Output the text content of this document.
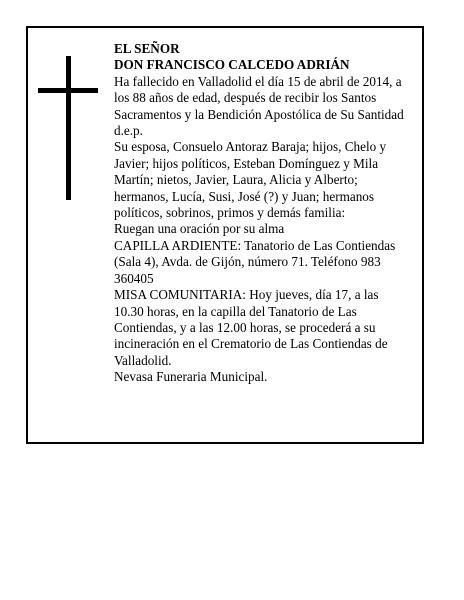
EL SEÑOR

DON FRANCISCO CALCEDO ADRIÁN

Ha fallecido en Valladolid el día 15 de abril de 2014, a los 88 años de edad, después de recibir los Santos Sacramentos y la Bendición Apostólica de Su Santidad d.e.p.

Su esposa, Consuelo Antoraz Baraja; hijos, Chelo y Javier; hijos políticos, Esteban Domínguez y Mila Martín; nietos, Javier, Laura, Alicia y Alberto; hermanos, Lucía, Susi, José (?) y Juan; hermanos políticos, sobrinos, primos y demás familia:

Ruegan una oración por su alma

CAPILLA ARDIENTE: Tanatorio de Las Contiendas (Sala 4), Avda. de Gijón, número 71. Teléfono 983 360405

MISA COMUNITARIA: Hoy jueves, día 17, a las 10.30 horas, en la capilla del Tanatorio de Las Contiendas, y a las 12.00 horas, se procederá a su incineración en el Crematorio de Las Contiendas de Valladolid.

Nevasa Funeraria Municipal.
